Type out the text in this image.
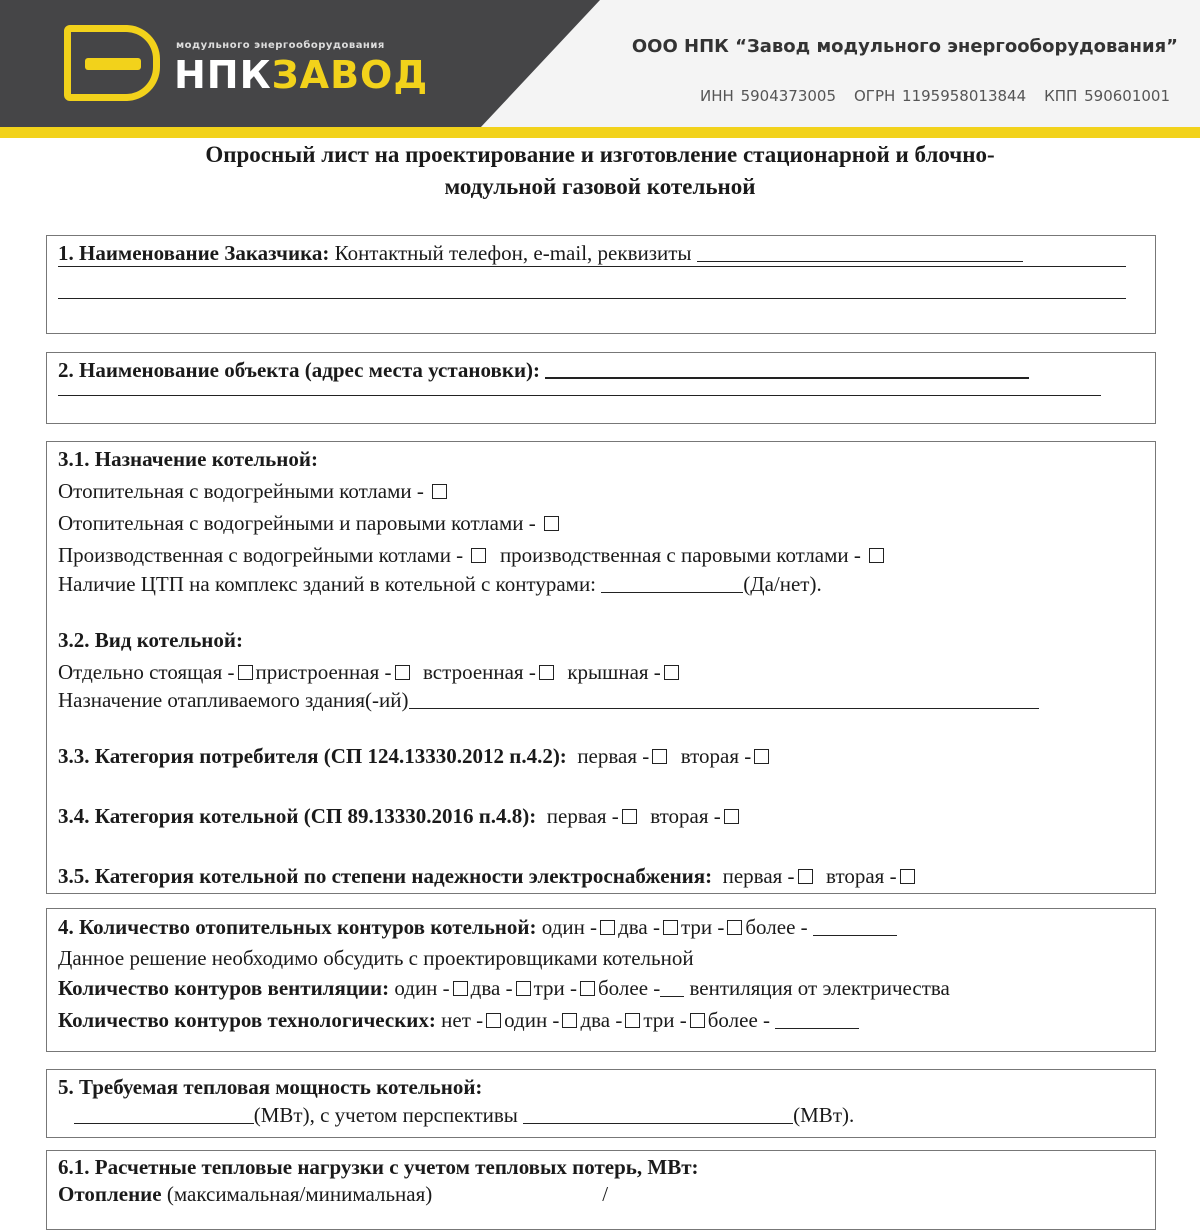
модульного энергооборудования
НПКЗАВОД
ООО НПК “Завод модульного энергооборудования”
ИНН 5904373005 ОГРН 1195958013844 КПП 590601001
Опросный лист на проектирование и изготовление стационарной и блочно-
модульной газовой котельной
1. Наименование Заказчика: Контактный телефон, e-mail, реквизиты
2. Наименование объекта (адрес места установки):
3.1. Назначение котельной:
Отопительная с водогрейными котлами -
Отопительная с водогрейными и паровыми котлами -
Производственная с водогрейными котлами - производственная с паровыми котлами -
Наличие ЦТП на комплекс зданий в котельной с контурами:	(Да/нет).
3.2. Вид котельной:
Отдельно стоящая - пристроенная - встроенная - крышная -
Назначение отапливаемого здания(-ий)
3.3. Категория потребителя (СП 124.13330.2012 п.4.2): первая - вторая -
3.4. Категория котельной (СП 89.13330.2016 п.4.8): первая - вторая -
3.5. Категория котельной по степени надежности электроснабжения: первая - вторая -
4. Количество отопительных контуров котельной: один - два - три - более -
Данное решение необходимо обсудить с проектировщиками котельной
Количество контуров вентиляции: один - два - три - более - вентиляция от электричества
Количество контуров технологических: нет - один - два - три - более -
5. Требуемая тепловая мощность котельной:
(МВт), с учетом перспективы	(МВт).
6.1. Расчетные тепловые нагрузки с учетом тепловых потерь, МВт:
Отопление (максимальная/минимальная)	/
